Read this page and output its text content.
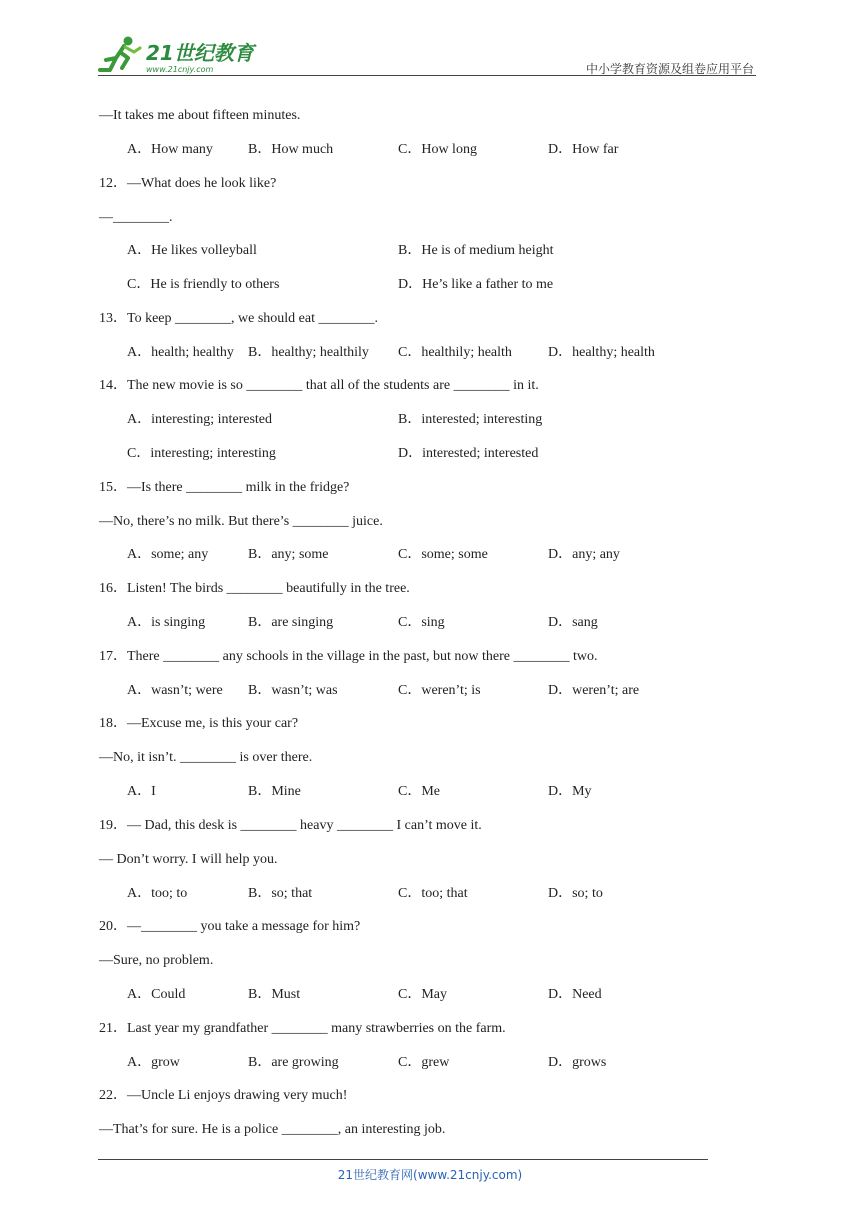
21世纪教育
www.21cnjy.com	中小学教育资源及组卷应用平台
—It takes me about fifteen minutes.

A．How many

	B．How much

	C．How long

	D．How far

12．—What does he look like?
—________.

A．He likes volleyball

	B．He is of medium height

C．He is friendly to others

	D．He’s like a father to me

13．To keep ________, we should eat ________.

A．health; healthy

B．healthy; healthily

C．healthily; health

	D．healthy; health

14．The new movie is so ________ that all of the students are ________ in it.

A．interesting; interested

	B．interested; interesting

C．interesting; interesting

	D．interested; interested

15．—Is there ________ milk in the fridge?
—No, there’s no milk. But there’s ________ juice.

A．some; any

	B．any; some

	C．some; some

	D．any; any

16．Listen! The birds ________ beautifully in the tree.

A．is singing

	B．are singing

	C．sing

	D．sang

17．There ________ any schools in the village in the past, but now there ________ two.

A．wasn’t; were

B．wasn’t; was

	C．weren’t; is

	D．weren’t; are

18．—Excuse me, is this your car?
—No, it isn’t. ________ is over there.

A．I

	B．Mine

	C．Me

	D．My

19．— Dad, this desk is ________ heavy ________ I can’t move it.
— Don’t worry. I will help you.

A．too; to

	B．so; that

	C．too; that

	D．so; to

20．—________ you take a message for him?
—Sure, no problem.

A．Could

	B．Must

	C．May

	D．Need

21．Last year my grandfather ________ many strawberries on the farm.

A．grow

	B．are growing

	C．grew

	D．grows

22．—Uncle Li enjoys drawing very much!
—That’s for sure. He is a police ________, an interesting job.
21世纪教育网(www.21cnjy.com)
